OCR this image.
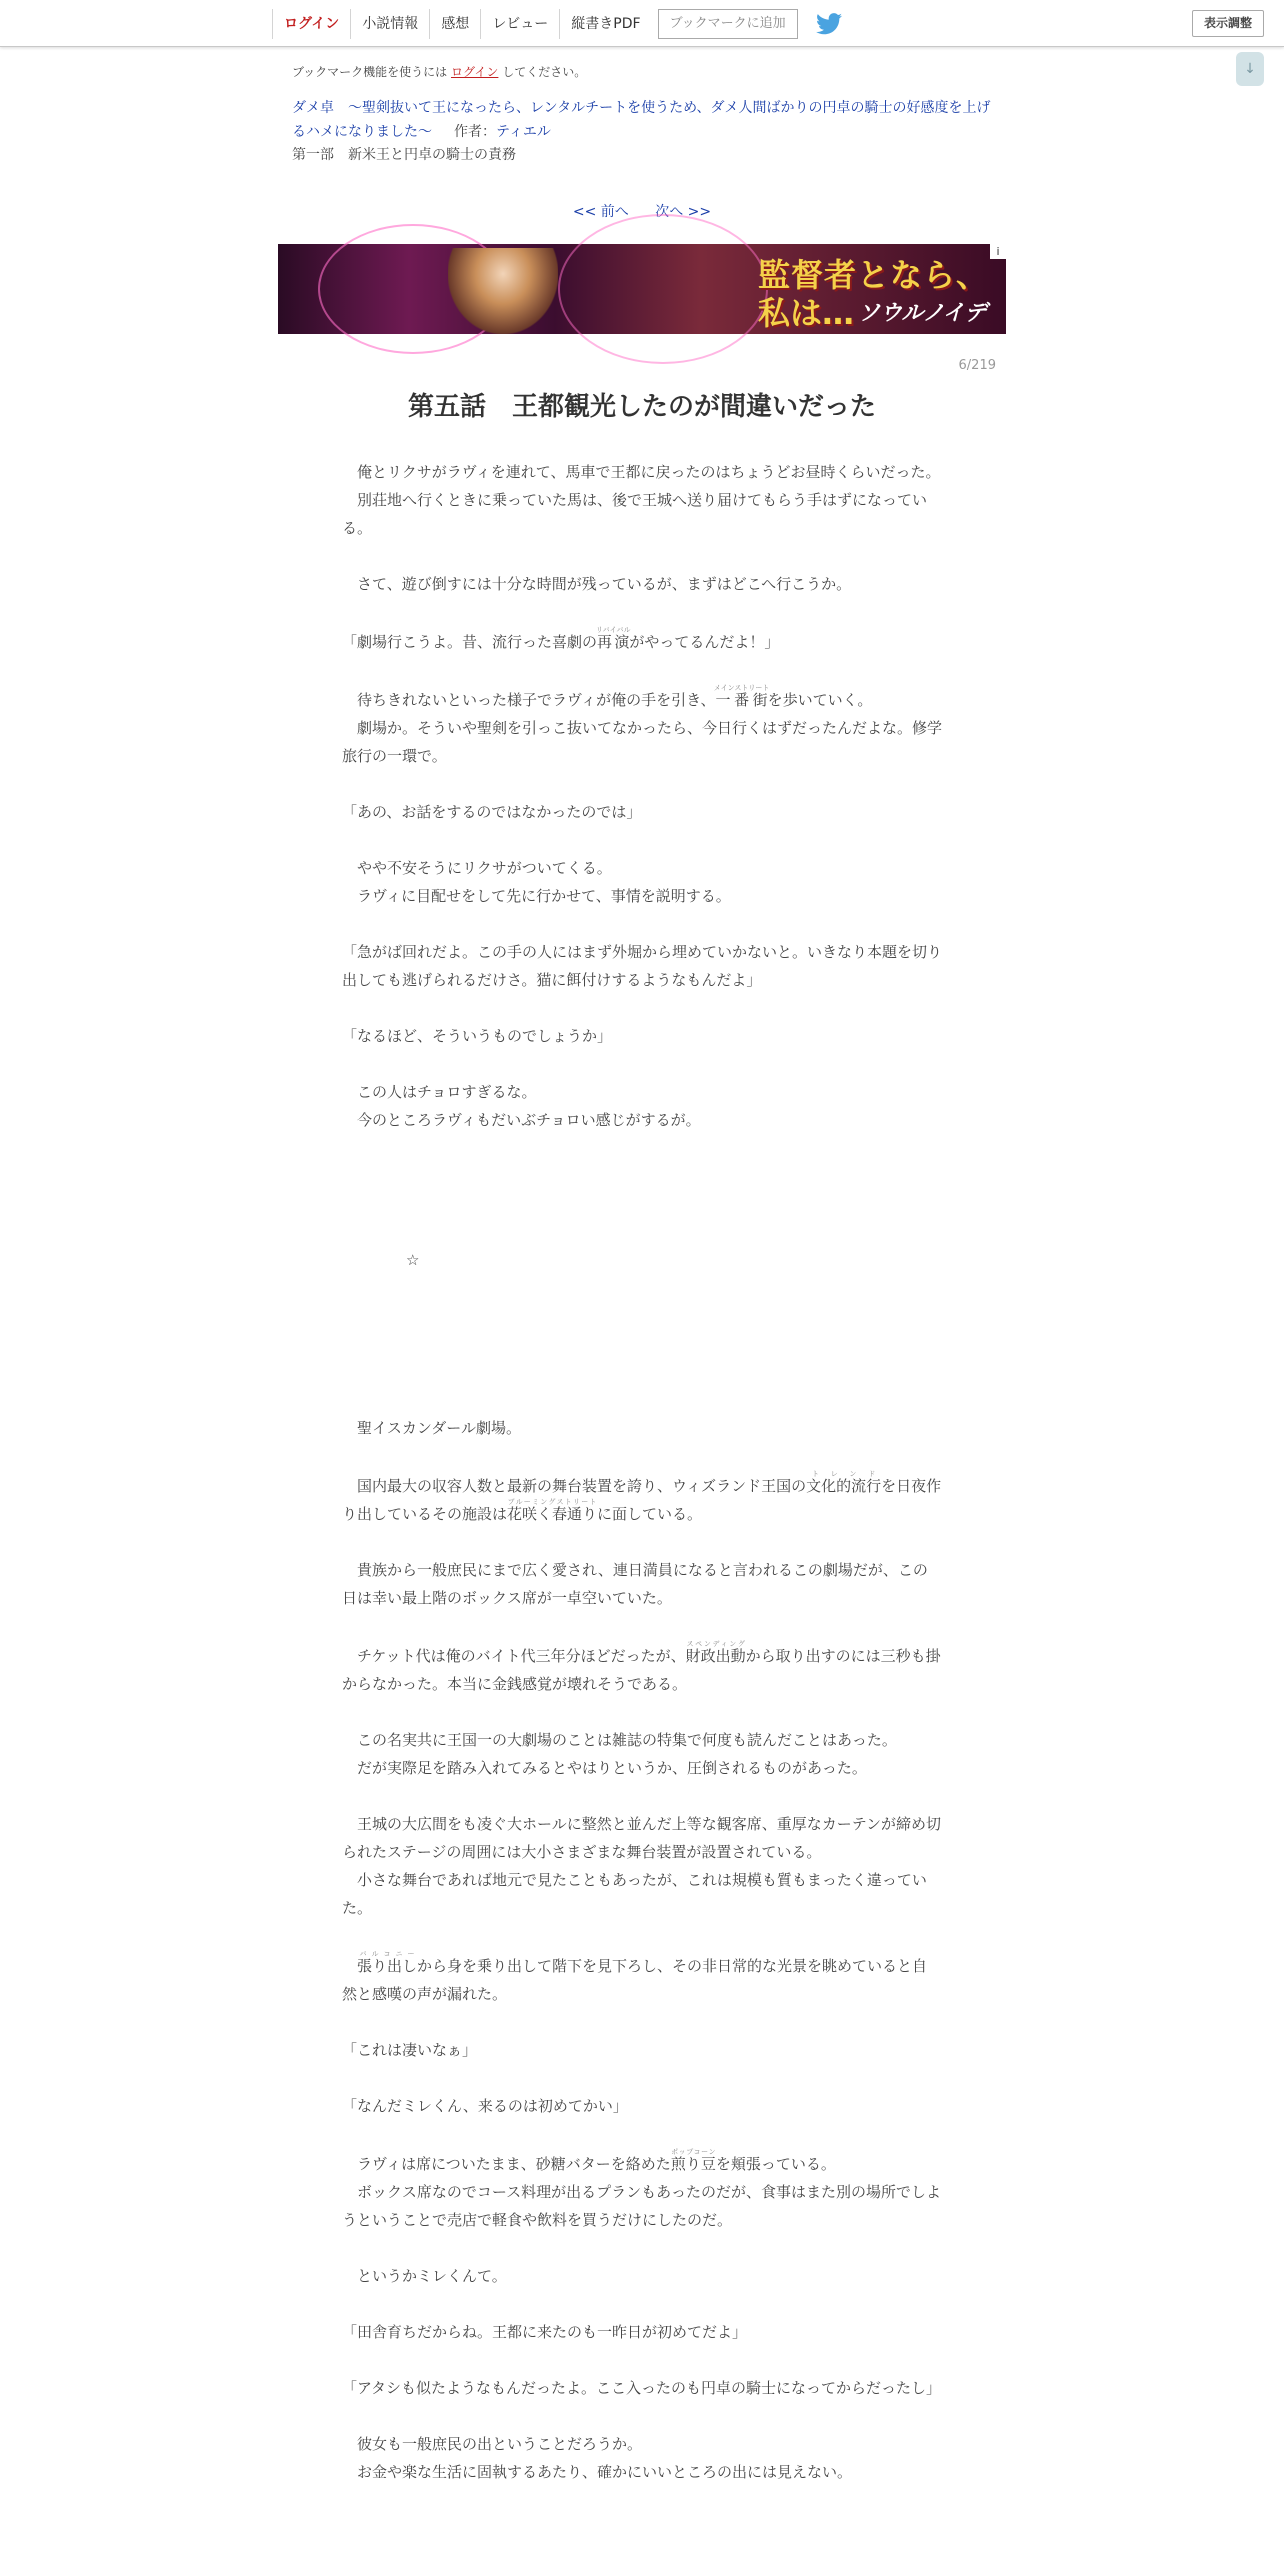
ログイン	小説情報	感想	レビュー	縦書きPDF	ブックマークに追加	表示調整
↓
ブックマーク機能を使うには ログイン してください。
ダメ卓　～聖剣抜いて王になったら、レンタルチートを使うため、ダメ人間ばかりの円卓の騎士の好感度を上げるハメになりました～ 作者：ティエル
第一部　新米王と円卓の騎士の責務
<< 前へ 次へ >>
監督者となら、
私は… ソウルノイデン
i
6/219
第五話　王都観光したのが間違いだった
　俺とリクサがラヴィを連れて、馬車で王都に戻ったのはちょうどお昼時くらいだった。
　別荘地へ行くときに乗っていた馬は、後で王城へ送り届けてもらう手はずになっている。
　さて、遊び倒すには十分な時間が残っているが、まずはどこへ行こうか。
「劇場行こうよ。昔、流行った喜劇の再演リバイバルがやってるんだよ！」
　待ちきれないといった様子でラヴィが俺の手を引き、一番街メインストリートを歩いていく。
　劇場か。そういや聖剣を引っこ抜いてなかったら、今日行くはずだったんだよな。修学旅行の一環で。
「あの、お話をするのではなかったのでは」
　やや不安そうにリクサがついてくる。
　ラヴィに目配せをして先に行かせて、事情を説明する。
「急がば回れだよ。この手の人にはまず外堀から埋めていかないと。いきなり本題を切り出しても逃げられるだけさ。猫に餌付けするようなもんだよ」
「なるほど、そういうものでしょうか」
　この人はチョロすぎるな。
　今のところラヴィもだいぶチョロい感じがするが。
☆
　聖イスカンダール劇場。
　国内最大の収容人数と最新の舞台装置を誇り、ウィズランド王国の文化的流行トレンドを日夜作り出しているその施設は花咲く春通りブルーミングストリートに面している。
　貴族から一般庶民にまで広く愛され、連日満員になると言われるこの劇場だが、この日は幸い最上階のボックス席が一卓空いていた。
　チケット代は俺のバイト代三年分ほどだったが、財政出動スペンディングから取り出すのには三秒も掛からなかった。本当に金銭感覚が壊れそうである。
　この名実共に王国一の大劇場のことは雑誌の特集で何度も読んだことはあった。
　だが実際足を踏み入れてみるとやはりというか、圧倒されるものがあった。
　王城の大広間をも凌ぐ大ホールに整然と並んだ上等な観客席、重厚なカーテンが締め切られたステージの周囲には大小さまざまな舞台装置が設置されている。
　小さな舞台であれば地元で見たこともあったが、これは規模も質もまったく違っていた。
　張り出しバルコニーから身を乗り出して階下を見下ろし、その非日常的な光景を眺めていると自然と感嘆の声が漏れた。
「これは凄いなぁ」
「なんだミレくん、来るのは初めてかい」
　ラヴィは席についたまま、砂糖バターを絡めた煎り豆ポップコーンを頬張っている。
　ボックス席なのでコース料理が出るプランもあったのだが、食事はまた別の場所でしようということで売店で軽食や飲料を買うだけにしたのだ。
　というかミレくんて。
「田舎育ちだからね。王都に来たのも一昨日が初めてだよ」
「アタシも似たようなもんだったよ。ここ入ったのも円卓の騎士になってからだったし」
　彼女も一般庶民の出ということだろうか。
　お金や楽な生活に固執するあたり、確かにいいところの出には見えない。
